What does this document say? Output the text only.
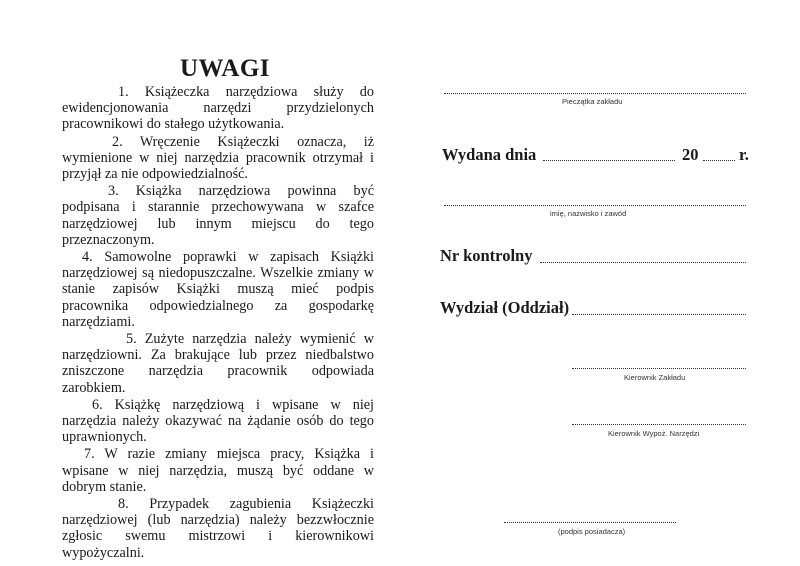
UWAGI

1. Książeczka narzędziowa służy do ewidencjonowania narzędzi przydzielonych pracownikowi do stałego użytkowania.

2. Wręczenie Książeczki oznacza, iż wymienione w niej narzędzia pracownik otrzymał i przyjął za nie odpowiedzialność.

3. Książka narzędziowa powinna być podpisana i starannie przechowywana w szafce narzędziowej lub innym miejscu do tego przeznaczonym.

4. Samowolne poprawki w zapisach Książki narzędziowej są niedopuszczalne. Wszelkie zmiany w stanie zapisów Książki muszą mieć podpis pracownika odpowiedzialnego za gospodarkę narzędziami.

5. Zużyte narzędzia należy wymienić w narzędziowni. Za brakujące lub przez niedbalstwo zniszczone narzędzia pracownik odpowiada zarobkiem.

6. Książkę narzędziową i wpisane w niej narzędzia należy okazywać na żądanie osób do tego uprawnionych.

7. W razie zmiany miejsca pracy, Książka i wpisane w niej narzędzia, muszą być oddane w dobrym stanie.

8. Przypadek zagubienia Książeczki narzędziowej (lub narzędzia) należy bezzwłocznie zgłosic swemu mistrzowi i kierownikowi wypożyczalni.

Pieczątka zakładu
Wydana dnia	20 r.
imię, nazwisko i zawód
Nr kontrolny
Wydział (Oddział)
Kierownik Zakładu
Kierownik Wypoż. Narzędzi
(podpis posiadacza)
